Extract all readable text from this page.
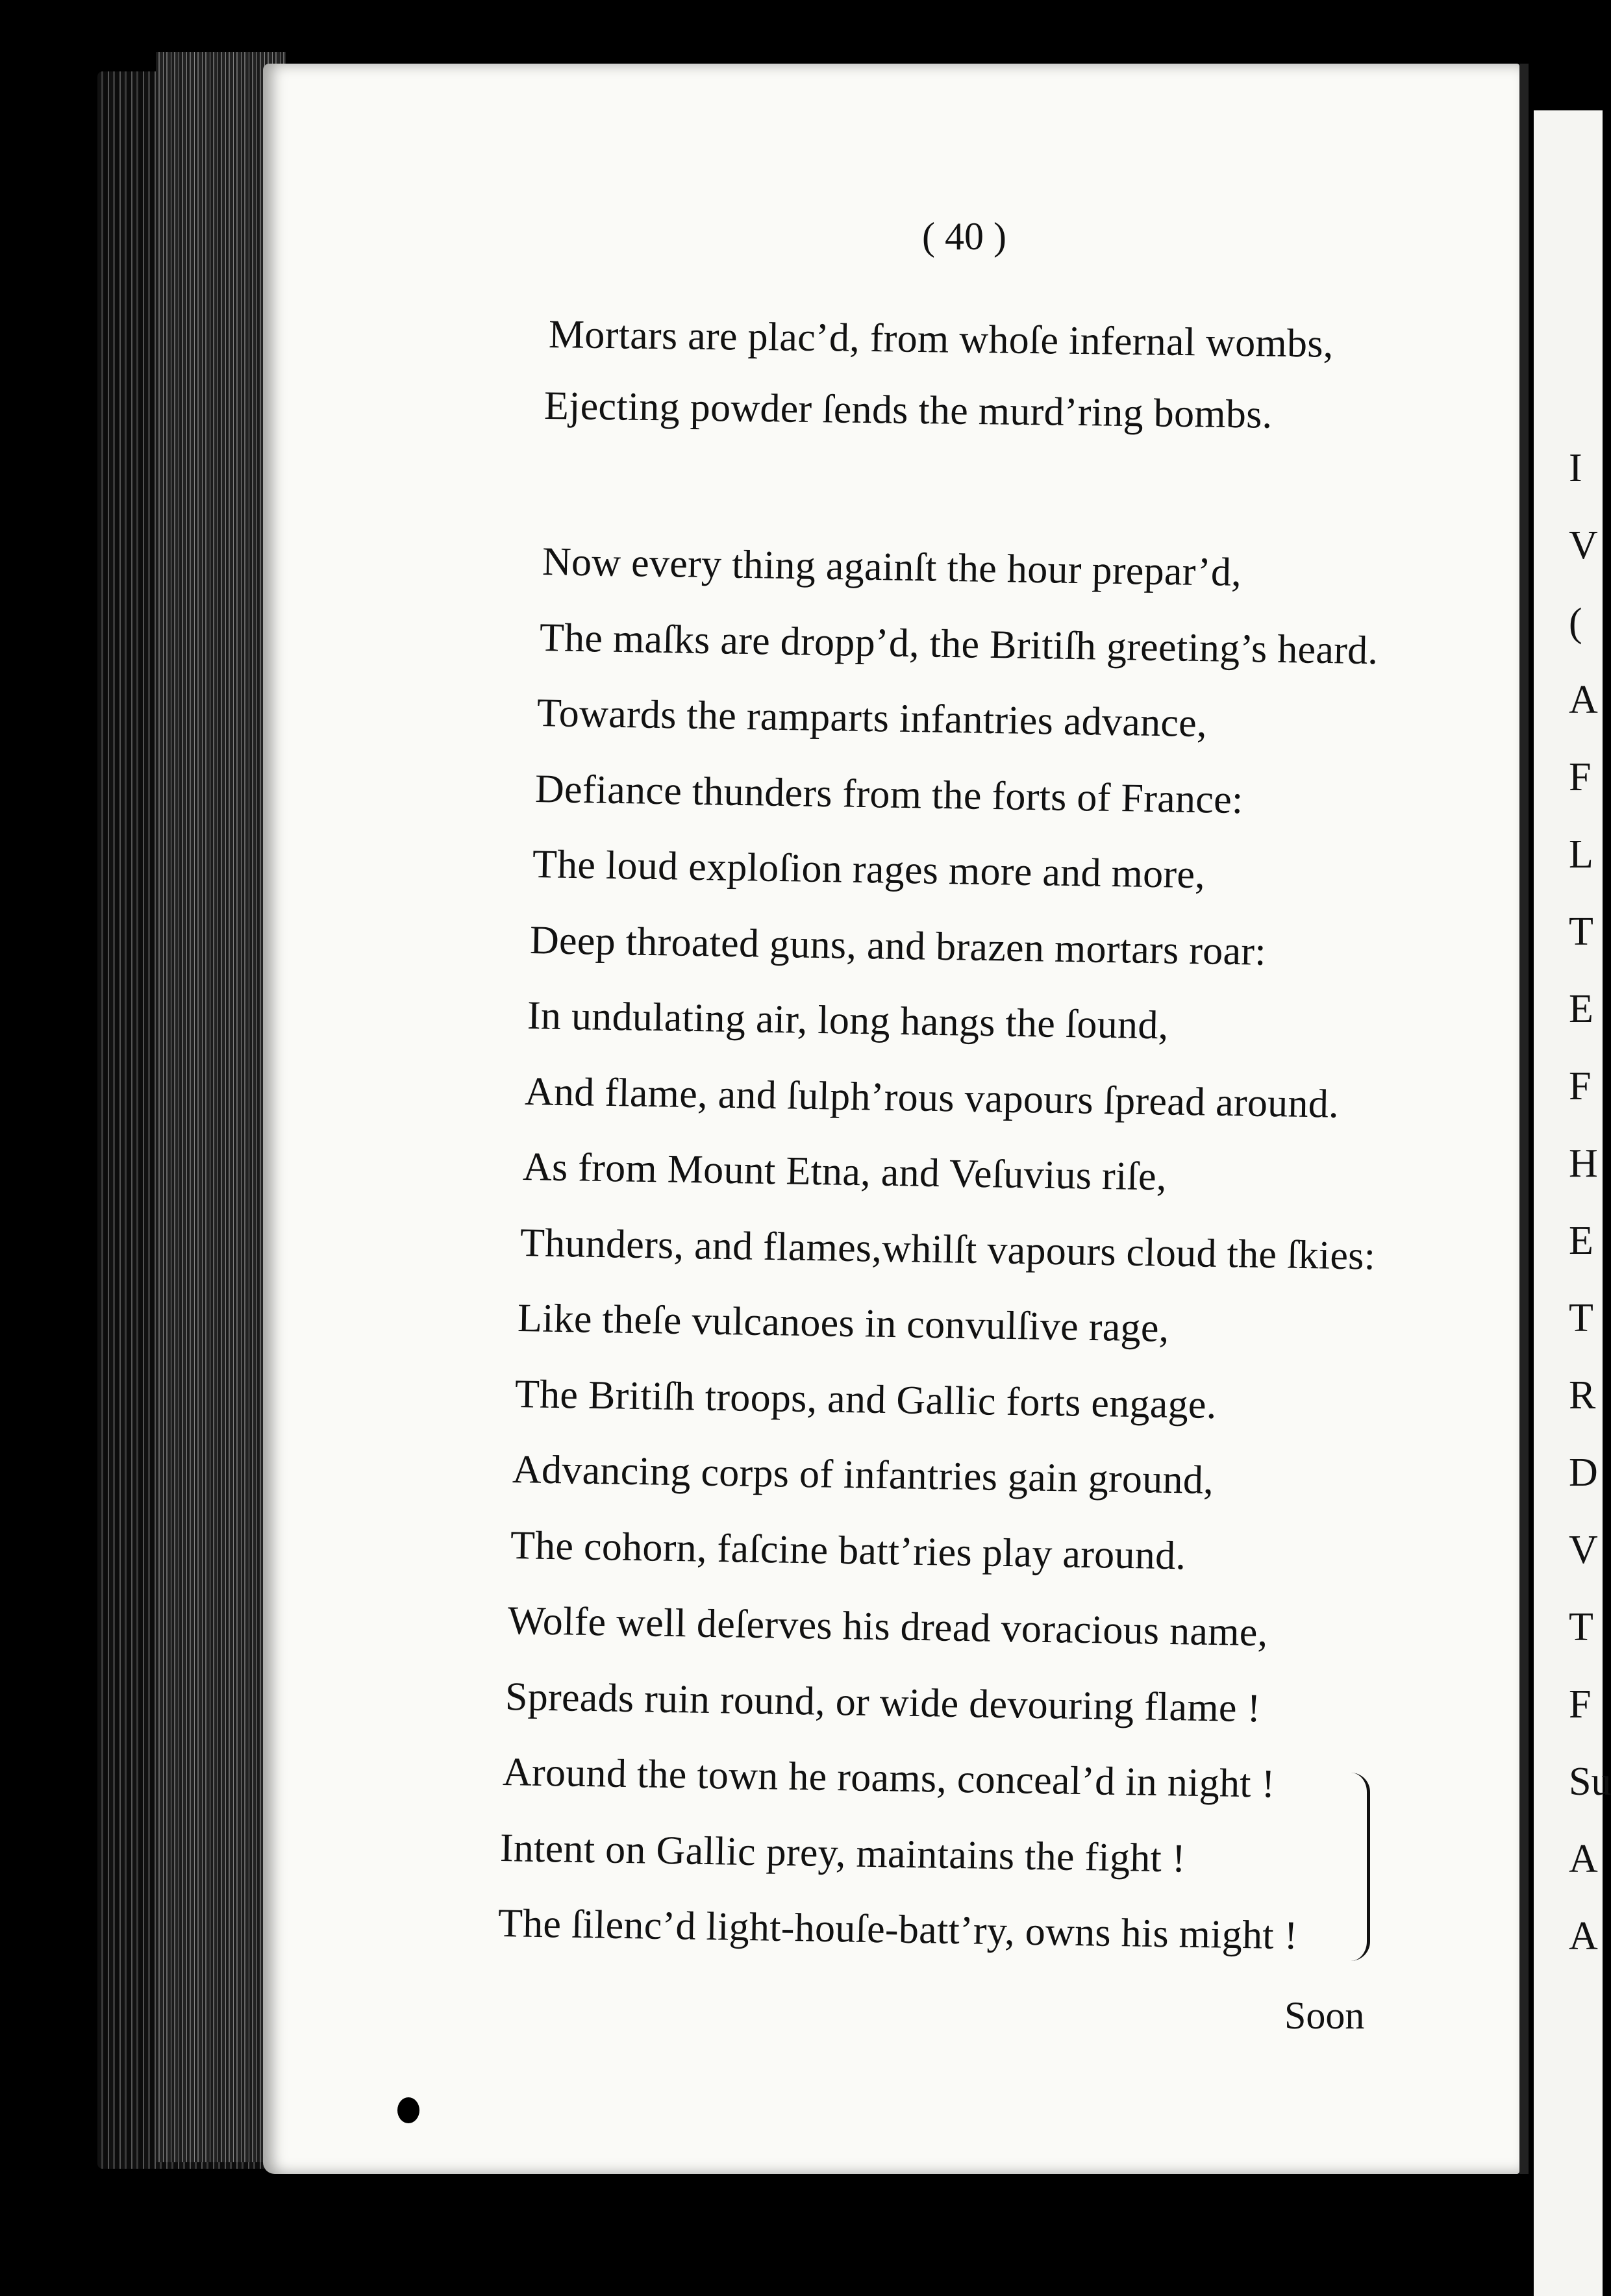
I
V
(
A
F
L
T
E
F
H
E
T
R
D
V
T
F
Su
A
A
( 40 )
Mortars are plac’d, from whoſe infernal wombs,
Ejecting powder ſends the murd’ring bombs.
Now every thing againſt the hour prepar’d,
The maſks are dropp’d, the Britiſh greeting’s heard.
Towards the ramparts infantries advance,
Defiance thunders from the forts of France:
The loud exploſion rages more and more,
Deep throated guns, and brazen mortars roar:
In undulating air, long hangs the ſound,
And flame, and ſulph’rous vapours ſpread around.
As from Mount Etna, and Veſuvius riſe,
Thunders, and flames,whilſt vapours cloud the ſkies:
Like theſe vulcanoes in convulſive rage,
The Britiſh troops, and Gallic forts engage.
Advancing corps of infantries gain ground,
The cohorn, faſcine batt’ries play around.
Wolfe well deſerves his dread voracious name,
Spreads ruin round, or wide devouring flame !
Around the town he roams, conceal’d in night !
Intent on Gallic prey, maintains the fight !
The ſilenc’d light-houſe-batt’ry, owns his might !
Soon
